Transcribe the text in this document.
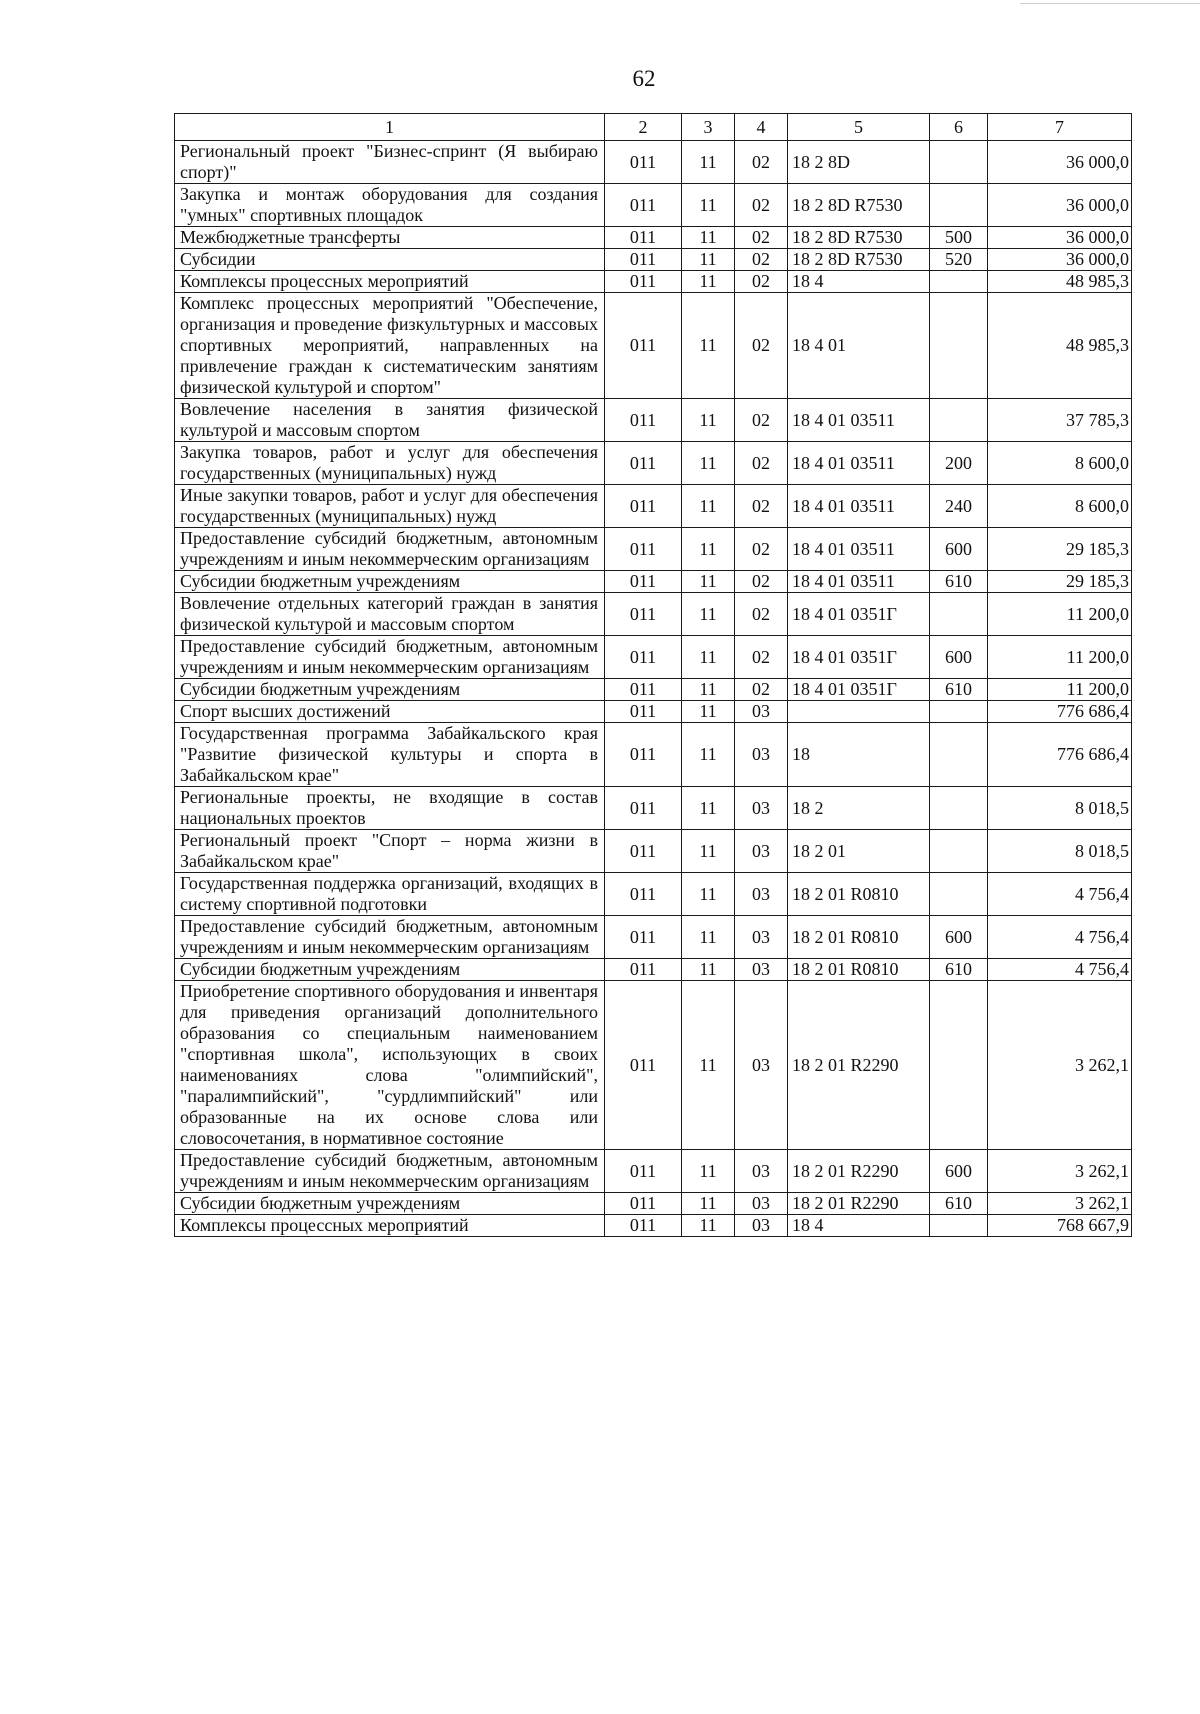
62
1	2	3	4	5	6	7
Региональный проект "Бизнес-спринт (Я выбираю спорт)"	011	11	02	18 2 8D		36 000,0
Закупка и монтаж оборудования для создания "умных" спортивных площадок	011	11	02	18 2 8D R7530		36 000,0
Межбюджетные трансферты	011	11	02	18 2 8D R7530	500	36 000,0
Субсидии	011	11	02	18 2 8D R7530	520	36 000,0
Комплексы процессных мероприятий	011	11	02	18 4		48 985,3
Комплекс процессных мероприятий "Обеспечение, организация и проведение физкультурных и массовых спортивных мероприятий, направленных на привлечение граждан к систематическим занятиям физической культурой и спортом"	011	11	02	18 4 01		48 985,3
Вовлечение населения в занятия физической культурой и массовым спортом	011	11	02	18 4 01 03511		37 785,3
Закупка товаров, работ и услуг для обеспечения государственных (муниципальных) нужд	011	11	02	18 4 01 03511	200	8 600,0
Иные закупки товаров, работ и услуг для обеспечения государственных (муниципальных) нужд	011	11	02	18 4 01 03511	240	8 600,0
Предоставление субсидий бюджетным, автономным учреждениям и иным некоммерческим организациям	011	11	02	18 4 01 03511	600	29 185,3
Субсидии бюджетным учреждениям	011	11	02	18 4 01 03511	610	29 185,3
Вовлечение отдельных категорий граждан в занятия физической культурой и массовым спортом	011	11	02	18 4 01 0351Г		11 200,0
Предоставление субсидий бюджетным, автономным учреждениям и иным некоммерческим организациям	011	11	02	18 4 01 0351Г	600	11 200,0
Субсидии бюджетным учреждениям	011	11	02	18 4 01 0351Г	610	11 200,0
Спорт высших достижений	011	11	03			776 686,4
Государственная программа Забайкальского края "Развитие физической культуры и спорта в Забайкальском крае"	011	11	03	18		776 686,4
Региональные проекты, не входящие в состав национальных проектов	011	11	03	18 2		8 018,5
Региональный проект "Спорт – норма жизни в Забайкальском крае"	011	11	03	18 2 01		8 018,5
Государственная поддержка организаций, входящих в систему спортивной подготовки	011	11	03	18 2 01 R0810		4 756,4
Предоставление субсидий бюджетным, автономным учреждениям и иным некоммерческим организациям	011	11	03	18 2 01 R0810	600	4 756,4
Субсидии бюджетным учреждениям	011	11	03	18 2 01 R0810	610	4 756,4
Приобретение спортивного оборудования и инвентаря для приведения организаций дополнительного образования со специальным наименованием "спортивная школа", использующих в своих наименованиях слова "олимпийский", "паралимпийский", "сурдлимпийский" или образованные на их основе слова или словосочетания, в нормативное состояние	011	11	03	18 2 01 R2290		3 262,1
Предоставление субсидий бюджетным, автономным учреждениям и иным некоммерческим организациям	011	11	03	18 2 01 R2290	600	3 262,1
Субсидии бюджетным учреждениям	011	11	03	18 2 01 R2290	610	3 262,1
Комплексы процессных мероприятий	011	11	03	18 4		768 667,9
